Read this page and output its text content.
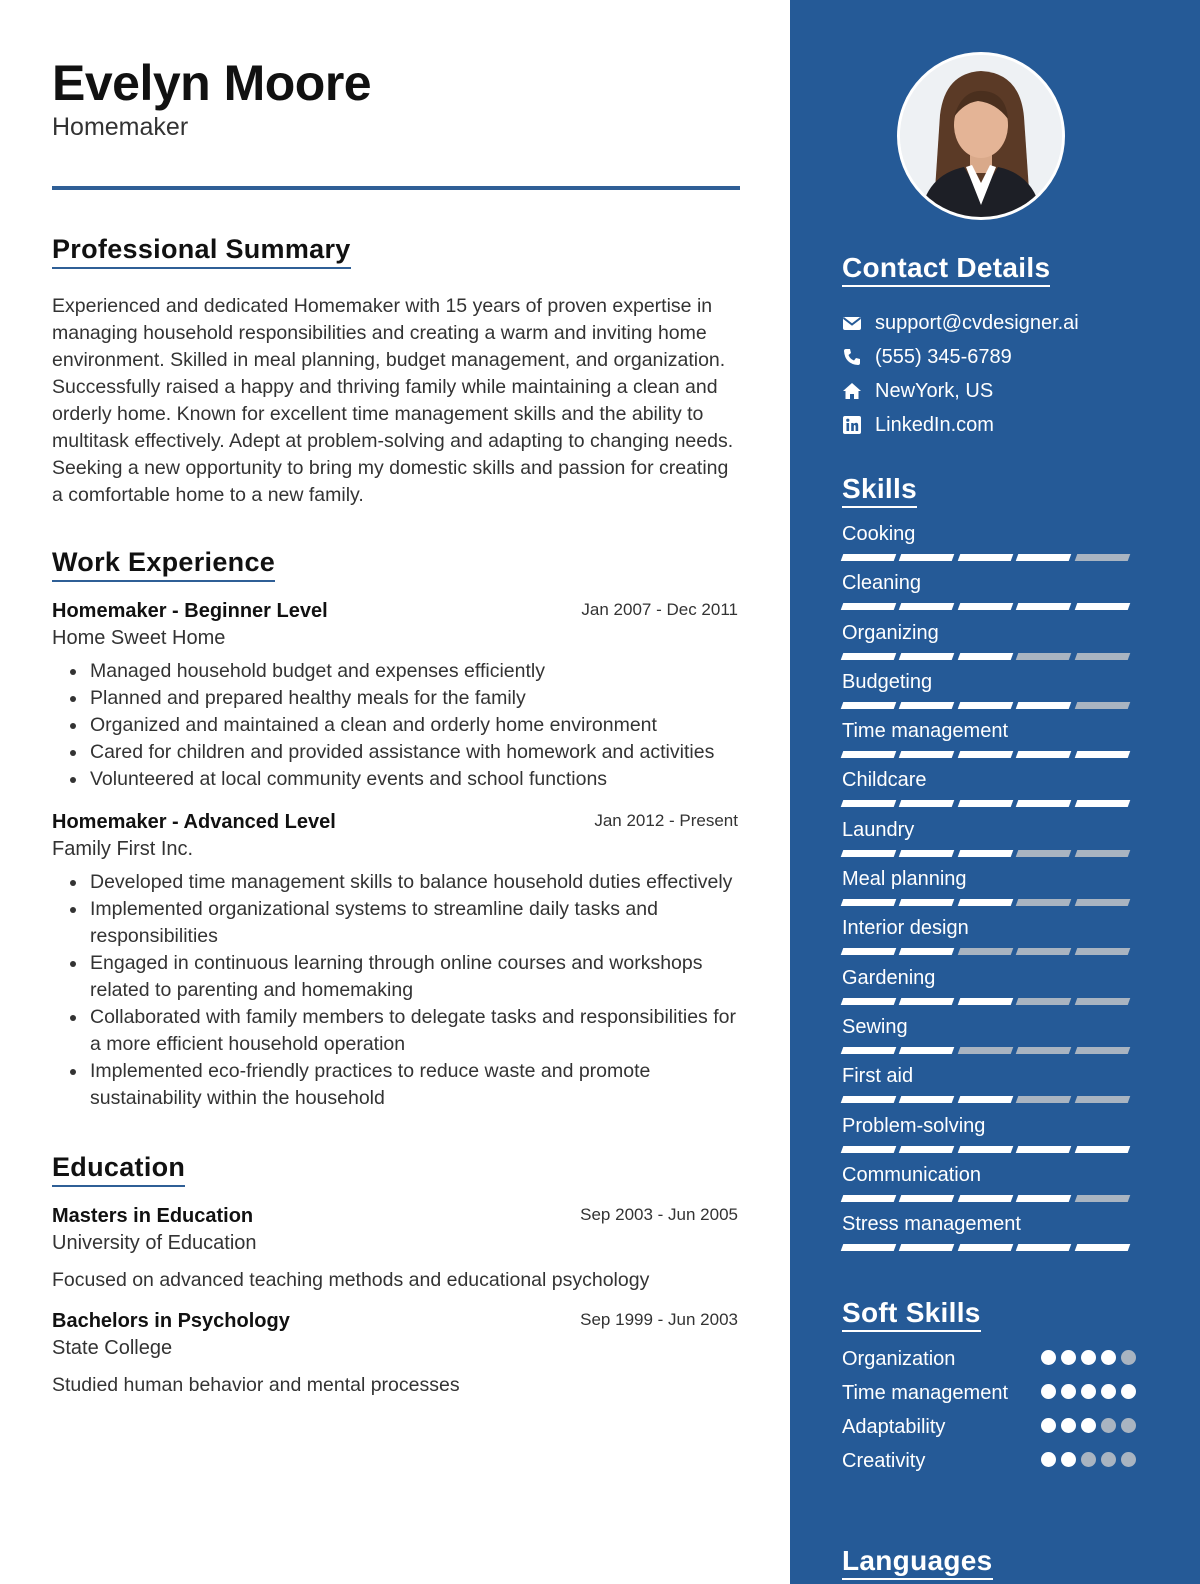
Evelyn Moore
Homemaker
Professional Summary
Experienced and dedicated Homemaker with 15 years of proven expertise in managing household responsibilities and creating a warm and inviting home environment. Skilled in meal planning, budget management, and organization. Successfully raised a happy and thriving family while maintaining a clean and orderly home. Known for excellent time management skills and the ability to multitask effectively. Adept at problem-solving and adapting to changing needs. Seeking a new opportunity to bring my domestic skills and passion for creating a comfortable home to a new family.
Work Experience
Homemaker - Beginner Level	Jan 2007 - Dec 2011
Home Sweet Home
• Managed household budget and expenses efficiently
• Planned and prepared healthy meals for the family
• Organized and maintained a clean and orderly home environment
• Cared for children and provided assistance with homework and activities
• Volunteered at local community events and school functions
Homemaker - Advanced Level	Jan 2012 - Present
Family First Inc.
• Developed time management skills to balance household duties effectively
• Implemented organizational systems to streamline daily tasks and responsibilities
• Engaged in continuous learning through online courses and workshops related to parenting and homemaking
• Collaborated with family members to delegate tasks and responsibilities for a more efficient household operation
• Implemented eco-friendly practices to reduce waste and promote sustainability within the household
Education
Masters in Education	Sep 2003 - Jun 2005
University of Education
Focused on advanced teaching methods and educational psychology
Bachelors in Psychology	Sep 1999 - Jun 2003
State College
Studied human behavior and mental processes
Contact Details
support@cvdesigner.ai
(555) 345-6789
NewYork, US
LinkedIn.com
Skills
Cooking
Cleaning
Organizing
Budgeting
Time management
Childcare
Laundry
Meal planning
Interior design
Gardening
Sewing
First aid
Problem-solving
Communication
Stress management
Soft Skills
Organization
Time management
Adaptability
Creativity
Languages
